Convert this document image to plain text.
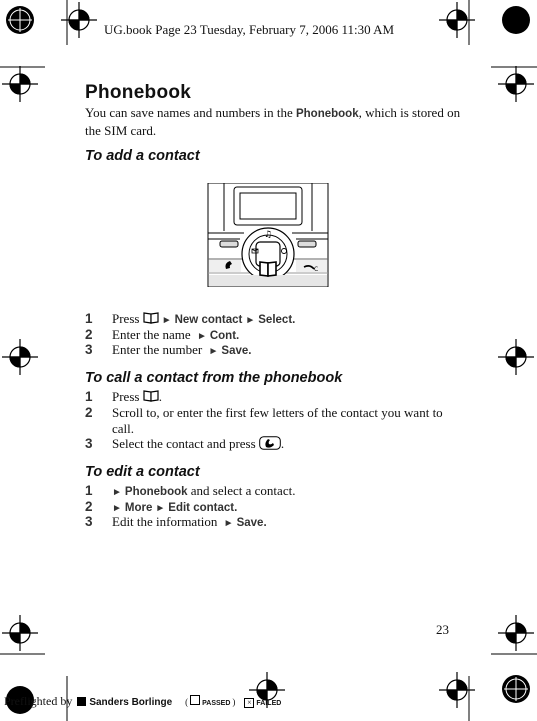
UG.book Page 23 Tuesday, February 7, 2006 11:30 AM
Phonebook
You can save names and numbers in the Phonebook, which is stored on the SIM card.
To add a contact
♫
C
1 Press ► New contact ► Select.
2 Enter the name ► Cont.
3 Enter the number ► Save.
To call a contact from the phonebook
1 Press .
2 Scroll to, or enter the first few letters of the contact you want to call.
3 Select the contact and press .
To edit a contact
1 ► Phonebook and select a contact.
2 ► More ► Edit contact.
3 Edit the information ► Save.
23
Preflighted by Sanders Borlinge ( PASSED ) × FAILED
